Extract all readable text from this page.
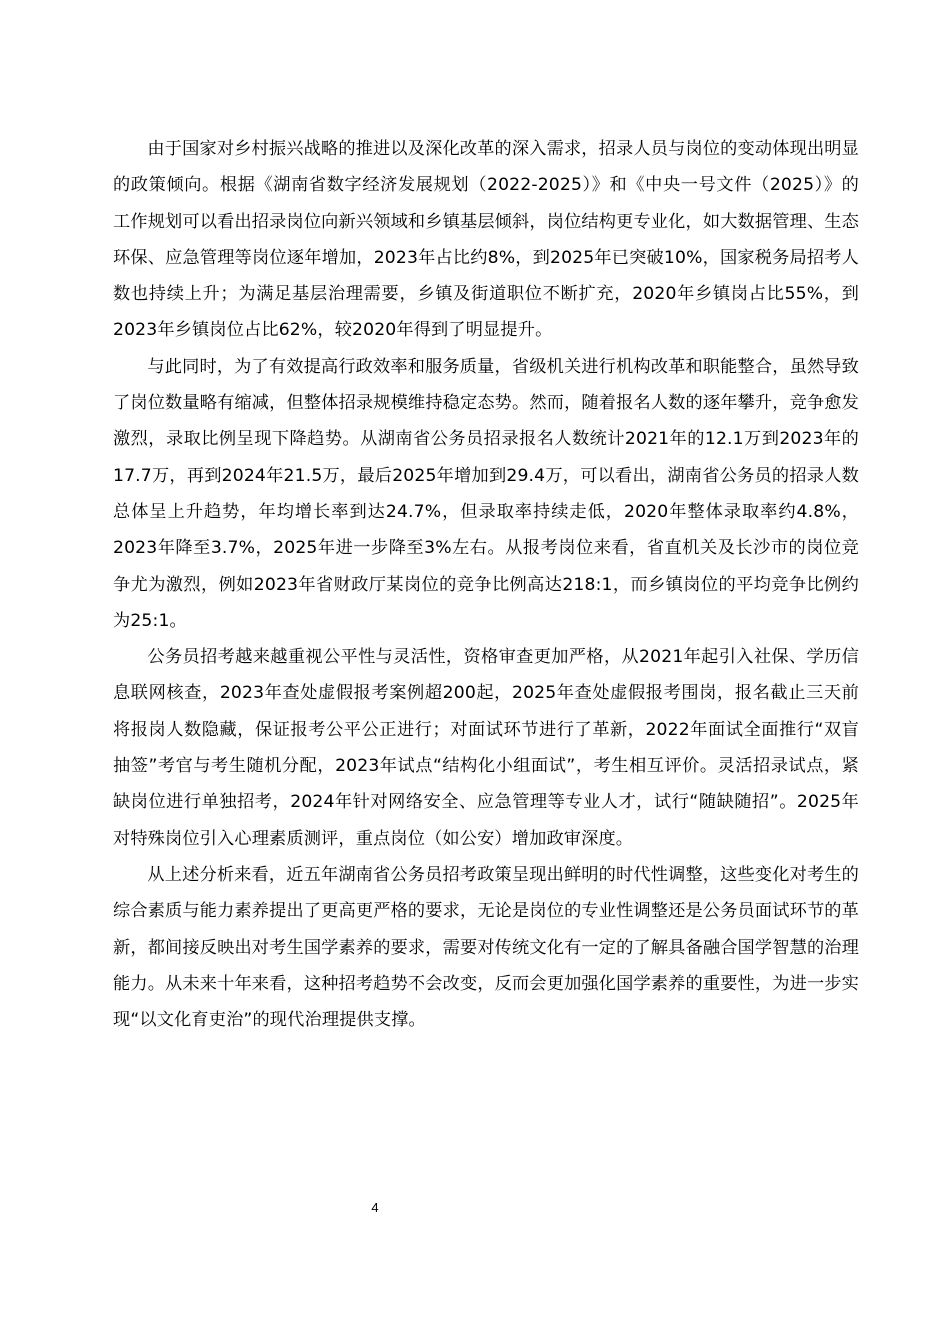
由于国家对乡村振兴战略的推进以及深化改革的深入需求，招录人员与岗位的变动体现出明显的政策倾向。根据《湖南省数字经济发展规划（2022-2025）》和《中央一号文件（2025）》的工作规划可以看出招录岗位向新兴领域和乡镇基层倾斜，岗位结构更专业化，如大数据管理、生态环保、应急管理等岗位逐年增加，2023年占比约8%，到2025年已突破10%，国家税务局招考人数也持续上升；为满足基层治理需要，乡镇及街道职位不断扩充，2020年乡镇岗占比55%，到2023年乡镇岗位占比62%，较2020年得到了明显提升。

与此同时，为了有效提高行政效率和服务质量，省级机关进行机构改革和职能整合，虽然导致了岗位数量略有缩减，但整体招录规模维持稳定态势。然而，随着报名人数的逐年攀升，竞争愈发激烈，录取比例呈现下降趋势。从湖南省公务员招录报名人数统计2021年的12.1万到2023年的17.7万，再到2024年21.5万，最后2025年增加到29.4万，可以看出，湖南省公务员的招录人数总体呈上升趋势，年均增长率到达24.7%，但录取率持续走低，2020年整体录取率约4.8%，2023年降至3.7%，2025年进一步降至3%左右。从报考岗位来看，省直机关及长沙市的岗位竞争尤为激烈，例如2023年省财政厅某岗位的竞争比例高达218:1，而乡镇岗位的平均竞争比例约为25:1。

公务员招考越来越重视公平性与灵活性，资格审查更加严格，从2021年起引入社保、学历信息联网核查，2023年查处虚假报考案例超200起，2025年查处虚假报考围岗，报名截止三天前将报岗人数隐藏，保证报考公平公正进行；对面试环节进行了革新，2022年面试全面推行“双盲抽签”考官与考生随机分配，2023年试点“结构化小组面试”，考生相互评价。灵活招录试点，紧缺岗位进行单独招考，2024年针对网络安全、应急管理等专业人才，试行“随缺随招”。2025年对特殊岗位引入心理素质测评，重点岗位（如公安）增加政审深度。

从上述分析来看，近五年湖南省公务员招考政策呈现出鲜明的时代性调整，这些变化对考生的综合素质与能力素养提出了更高更严格的要求，无论是岗位的专业性调整还是公务员面试环节的革新，都间接反映出对考生国学素养的要求，需要对传统文化有一定的了解具备融合国学智慧的治理能力。从未来十年来看，这种招考趋势不会改变，反而会更加强化国学素养的重要性，为进一步实现“以文化育吏治”的现代治理提供支撑。

4
